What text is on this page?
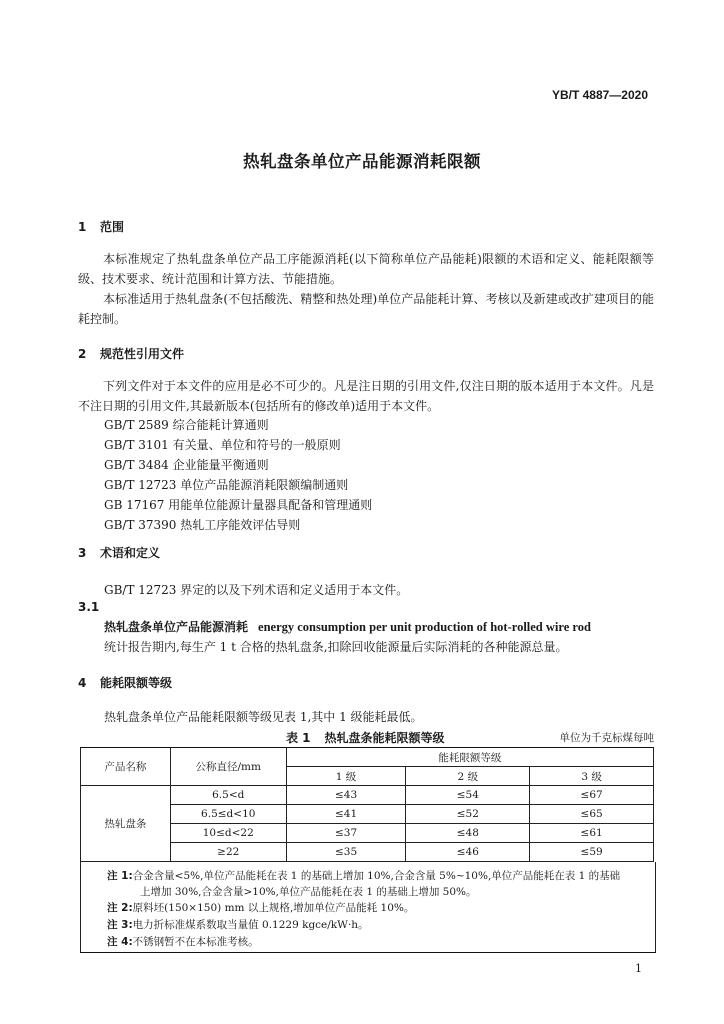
YB/T 4887—2020
热轧盘条单位产品能源消耗限额
1 范围
本标准规定了热轧盘条单位产品工序能源消耗(以下简称单位产品能耗)限额的术语和定义、能耗限额等级、技术要求、统计范围和计算方法、节能措施。
本标准适用于热轧盘条(不包括酸洗、精整和热处理)单位产品能耗计算、考核以及新建或改扩建项目的能耗控制。
2 规范性引用文件
下列文件对于本文件的应用是必不可少的。凡是注日期的引用文件,仅注日期的版本适用于本文件。凡是不注日期的引用文件,其最新版本(包括所有的修改单)适用于本文件。
GB/T 2589 综合能耗计算通则
GB/T 3101 有关量、单位和符号的一般原则
GB/T 3484 企业能量平衡通则
GB/T 12723 单位产品能源消耗限额编制通则
GB 17167 用能单位能源计量器具配备和管理通则
GB/T 37390 热轧工序能效评估导则
3 术语和定义
GB/T 12723 界定的以及下列术语和定义适用于本文件。
3.1
热轧盘条单位产品能源消耗 energy consumption per unit production of hot-rolled wire rod
统计报告期内,每生产 1 t 合格的热轧盘条,扣除回收能源量后实际消耗的各种能源总量。
4 能耗限额等级
热轧盘条单位产品能耗限额等级见表 1,其中 1 级能耗最低。
表 1 热轧盘条能耗限额等级	单位为千克标煤每吨
产品名称	公称直径/mm	能耗限额等级		
		1 级	2 级	3 级
热轧盘条	6.5<d	≤43	≤54	≤67
	6.5≤d<10	≤41	≤52	≤65
	10≤d<22	≤37	≤48	≤61
	≥22	≤35	≤46	≤59
注 1:合金含量<5%,单位产品能耗在表 1 的基础上增加 10%,合金含量 5%~10%,单位产品能耗在表 1 的基础
上增加 30%,合金含量>10%,单位产品能耗在表 1 的基础上增加 50%。
注 2:原料坯(150×150) mm 以上规格,增加单位产品能耗 10%。
注 3:电力折标准煤系数取当量值 0.1229 kgce/kW·h。
注 4:不锈钢暂不在本标准考核。
1
